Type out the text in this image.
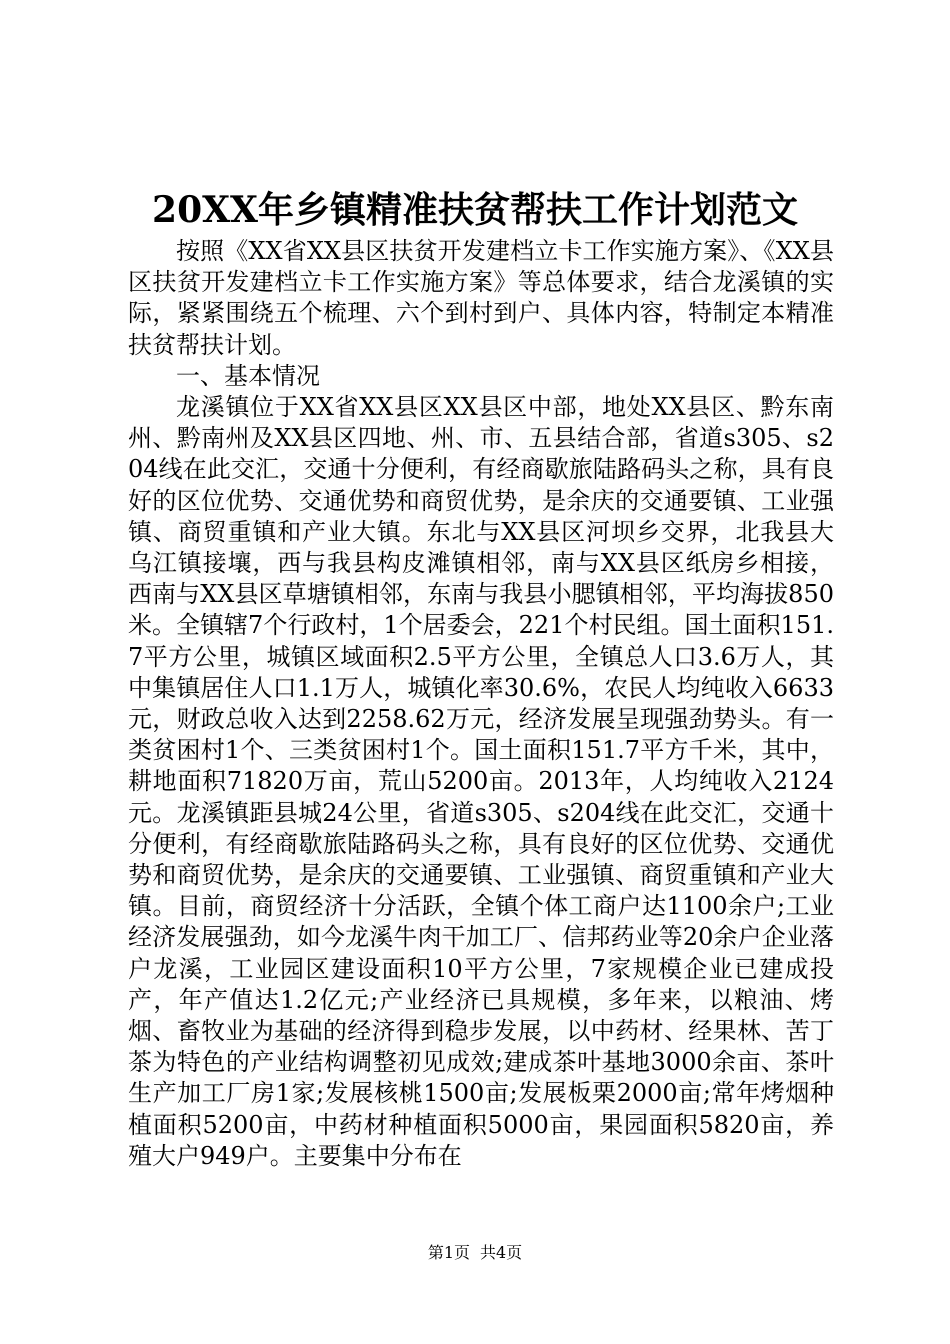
20XX年乡镇精准扶贫帮扶工作计划范文

按照《XX省XX县区扶贫开发建档立卡工作实施方案》、《XX县区扶贫开发建档立卡工作实施方案》等总体要求，结合龙溪镇的实际，紧紧围绕五个梳理、六个到村到户、具体内容，特制定本精准扶贫帮扶计划。

一、基本情况

龙溪镇位于XX省XX县区XX县区中部，地处XX县区、黔东南州、黔南州及XX县区四地、州、市、五县结合部，省道s305、s204线在此交汇，交通十分便利，有经商歇旅陆路码头之称，具有良好的区位优势、交通优势和商贸优势，是余庆的交通要镇、工业强镇、商贸重镇和产业大镇。东北与XX县区河坝乡交界，北我县大乌江镇接壤，西与我县构皮滩镇相邻，南与XX县区纸房乡相接，西南与XX县区草塘镇相邻，东南与我县小腮镇相邻，平均海拔850米。全镇辖7个行政村，1个居委会，221个村民组。国土面积151.7平方公里，城镇区域面积2.5平方公里，全镇总人口3.6万人，其中集镇居住人口1.1万人，城镇化率30.6%，农民人均纯收入6633元，财政总收入达到2258.62万元，经济发展呈现强劲势头。有一类贫困村1个、三类贫困村1个。国土面积151.7平方千米，其中，耕地面积71820万亩，荒山5200亩。2013年，人均纯收入2124元。龙溪镇距县城24公里，省道s305、s204线在此交汇，交通十分便利，有经商歇旅陆路码头之称，具有良好的区位优势、交通优势和商贸优势，是余庆的交通要镇、工业强镇、商贸重镇和产业大镇。目前，商贸经济十分活跃，全镇个体工商户达1100余户;工业经济发展强劲，如今龙溪牛肉干加工厂、信邦药业等20余户企业落户龙溪，工业园区建设面积10平方公里，7家规模企业已建成投产，年产值达1.2亿元;产业经济已具规模，多年来，以粮油、烤烟、畜牧业为基础的经济得到稳步发展，以中药材、经果林、苦丁茶为特色的产业结构调整初见成效;建成茶叶基地3000余亩、茶叶生产加工厂房1家;发展核桃1500亩;发展板栗2000亩;常年烤烟种植面积5200亩，中药材种植面积5000亩，果园面积5820亩，养殖大户949户。主要集中分布在

第1页 共4页
